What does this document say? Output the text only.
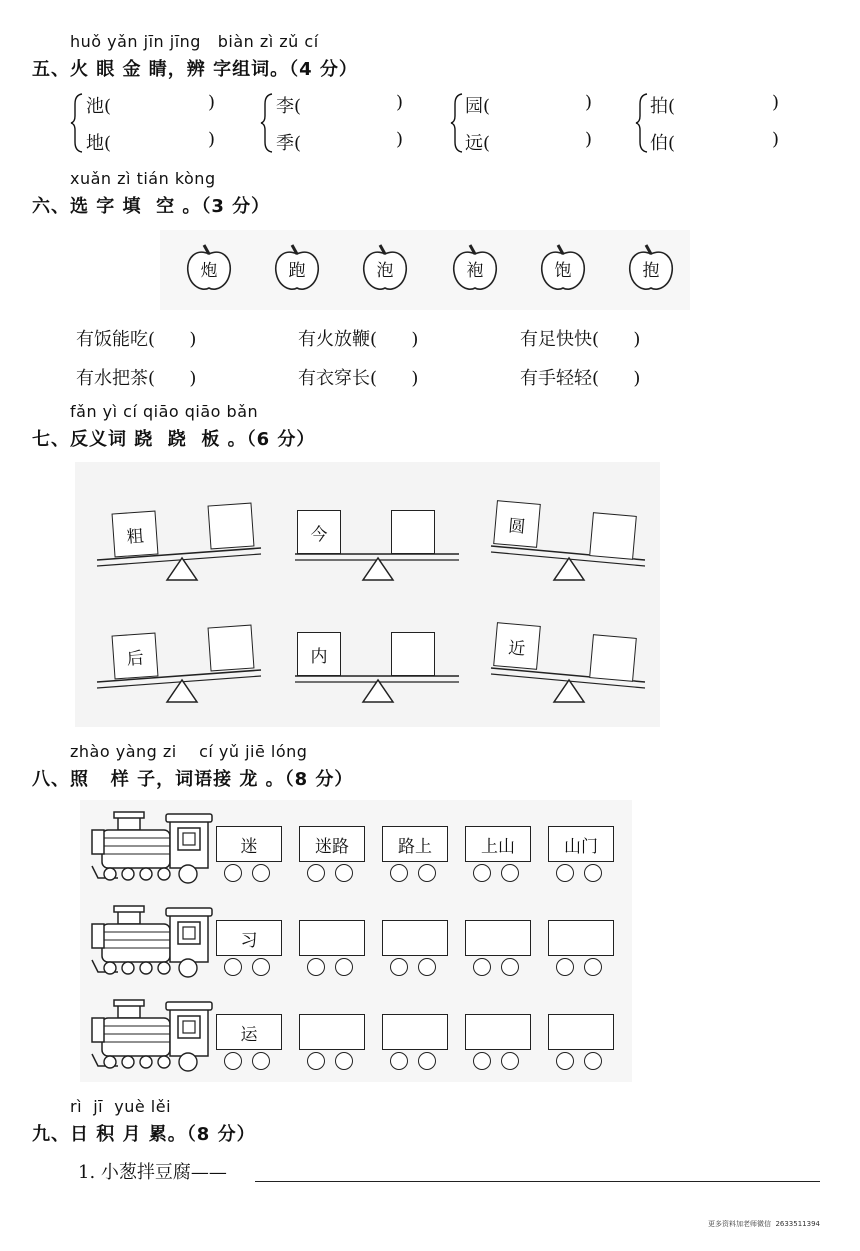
huǒ yǎn jīn jīng   biàn zì zǔ cí
五、火 眼 金 睛，辨 字组词。（4 分）
池(	)
地(	)
李(	)
季(	)
园(	)
远(	)
拍(	)
伯(	)
xuǎn zì tián kòng
六、选 字 填  空 。（3 分）
炮	跑	泡	袍	饱	抱
有饭能吃(      )	有火放鞭(      )	有足快快(      )
有水把茶(      )	有衣穿长(      )	有手轻轻(      )
fǎn yì cí qiāo qiāo bǎn
七、反义词 跷  跷  板 。（6 分）
粗	今	圆
后	内	近
zhào yàng zi    cí yǔ jiē lóng
八、照   样 子，词语接 龙 。（8 分）
迷	迷路	路上	上山	山门
习
运
rì  jī  yuè lěi
九、日 积 月 累。（8 分）
1. 小葱拌豆腐——
更多资料加老师微信  2633511394
